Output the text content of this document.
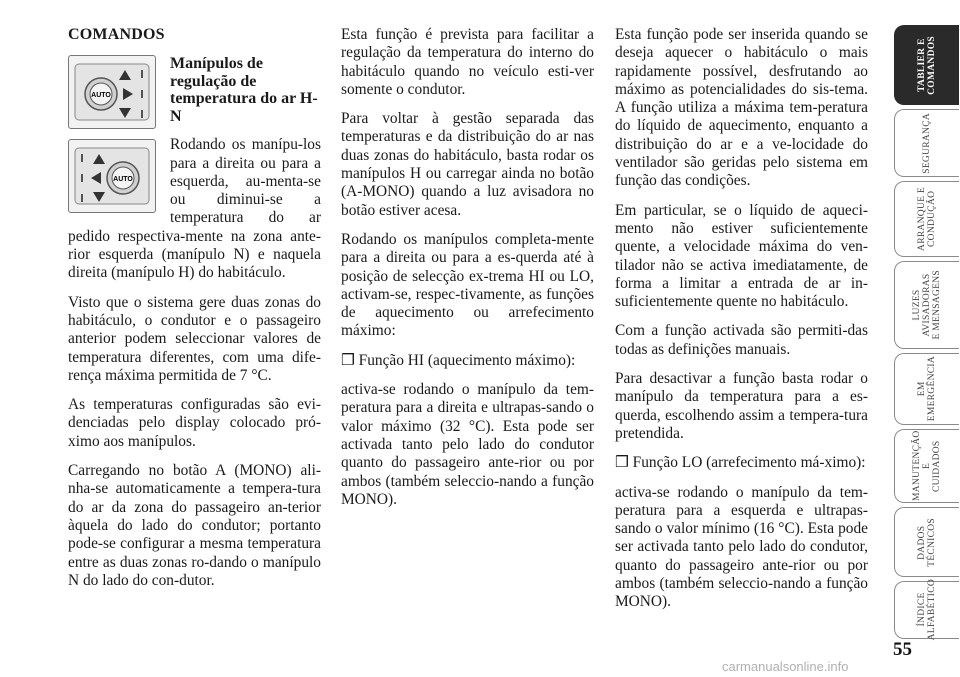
COMANDOS

AUTO
AUTO

Manípulos de regulação de temperatura do ar H-N

Rodando os manípu-los para a direita ou para a esquerda, au-menta-se ou diminui-se a temperatura do ar pedido respectiva-mente na zona ante-rior esquerda (manípulo N) e naquela direita (manípulo H) do habitáculo.

Visto que o sistema gere duas zonas do habitáculo, o condutor e o passageiro anterior podem seleccionar valores de temperatura diferentes, com uma dife-rença máxima permitida de 7 °C.

As temperaturas configuradas são evi-denciadas pelo display colocado pró-ximo aos manípulos.

Carregando no botão A (MONO) ali-nha-se automaticamente a tempera-tura do ar da zona do passageiro an-terior àquela do lado do condutor; portanto pode-se configurar a mesma temperatura entre as duas zonas ro-dando o manípulo N do lado do con-dutor.

Esta função é prevista para facilitar a regulação da temperatura do interno do habitáculo quando no veículo esti-ver somente o condutor.

Para voltar à gestão separada das temperaturas e da distribuição do ar nas duas zonas do habitáculo, basta rodar os manípulos H ou carregar ainda no botão (A-MONO) quando a luz avisadora no botão estiver acesa.

Rodando os manípulos completa-mente para a direita ou para a es-querda até à posição de selecção ex-trema HI ou LO, activam-se, respec-tivamente, as funções de aquecimento ou arrefecimento máximo:

❒ Função HI (aquecimento máximo):

activa-se rodando o manípulo da tem-peratura para a direita e ultrapas-sando o valor máximo (32 °C). Esta pode ser activada tanto pelo lado do condutor quanto do passageiro ante-rior ou por ambos (também seleccio-nando a função MONO).

Esta função pode ser inserida quando se deseja aquecer o habitáculo o mais rapidamente possível, desfrutando ao máximo as potencialidades do sis-tema. A função utiliza a máxima tem-peratura do líquido de aquecimento, enquanto a distribuição do ar e a ve-locidade do ventilador são geridas pelo sistema em função das condições.

Em particular, se o líquido de aqueci-mento não estiver suficientemente quente, a velocidade máxima do ven-tilador não se activa imediatamente, de forma a limitar a entrada de ar in-suficientemente quente no habitáculo.

Com a função activada são permiti-das todas as definições manuais.

Para desactivar a função basta rodar o manípulo da temperatura para a es-querda, escolhendo assim a tempera-tura pretendida.

❒ Função LO (arrefecimento má-ximo):

activa-se rodando o manípulo da tem-peratura para a esquerda e ultrapas-sando o valor mínimo (16 °C). Esta pode ser activada tanto pelo lado do condutor, quanto do passageiro ante-rior ou por ambos (também seleccio-nando a função MONO).

TABLIER E
COMANDOS
SEGURANÇA
ARRANQUE E
CONDUÇÃO
LUZES
AVISADORAS
E MENSAGENS
EM
EMERGÊNCIA
MANUTENÇÃO E
CUIDADOS
DADOS
TÉCNICOS
ÍNDICE
ALFABÉTICO
55
carmanualsonline.info
